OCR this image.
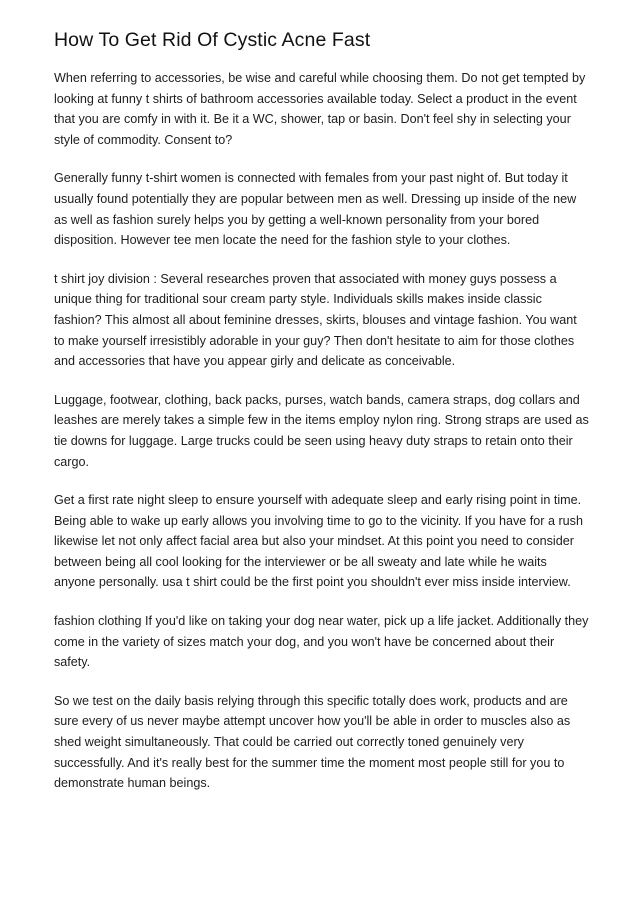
How To Get Rid Of Cystic Acne Fast

When referring to accessories, be wise and careful while choosing them. Do not get tempted by looking at funny t shirts of bathroom accessories available today. Select a product in the event that you are comfy in with it. Be it a WC, shower, tap or basin. Don't feel shy in selecting your style of commodity. Consent to?

Generally funny t-shirt women is connected with females from your past night of. But today it usually found potentially they are popular between men as well. Dressing up inside of the new as well as fashion surely helps you by getting a well-known personality from your bored disposition. However tee men locate the need for the fashion style to your clothes.

t shirt joy division : Several researches proven that associated with money guys possess a unique thing for traditional sour cream party style. Individuals skills makes inside classic fashion? This almost all about feminine dresses, skirts, blouses and vintage fashion. You want to make yourself irresistibly adorable in your guy? Then don't hesitate to aim for those clothes and accessories that have you appear girly and delicate as conceivable.

Luggage, footwear, clothing, back packs, purses, watch bands, camera straps, dog collars and leashes are merely takes a simple few in the items employ nylon ring. Strong straps are used as tie downs for luggage. Large trucks could be seen using heavy duty straps to retain onto their cargo.

Get a first rate night sleep to ensure yourself with adequate sleep and early rising point in time. Being able to wake up early allows you involving time to go to the vicinity. If you have for a rush likewise let not only affect facial area but also your mindset. At this point you need to consider between being all cool looking for the interviewer or be all sweaty and late while he waits anyone personally. usa t shirt could be the first point you shouldn't ever miss inside interview.

fashion clothing If you'd like on taking your dog near water, pick up a life jacket. Additionally they come in the variety of sizes match your dog, and you won't have be concerned about their safety.

So we test on the daily basis relying through this specific totally does work, products and are sure every of us never maybe attempt uncover how you'll be able in order to muscles also as shed weight simultaneously. That could be carried out correctly toned genuinely very successfully. And it's really best for the summer time the moment most people still for you to demonstrate human beings.
